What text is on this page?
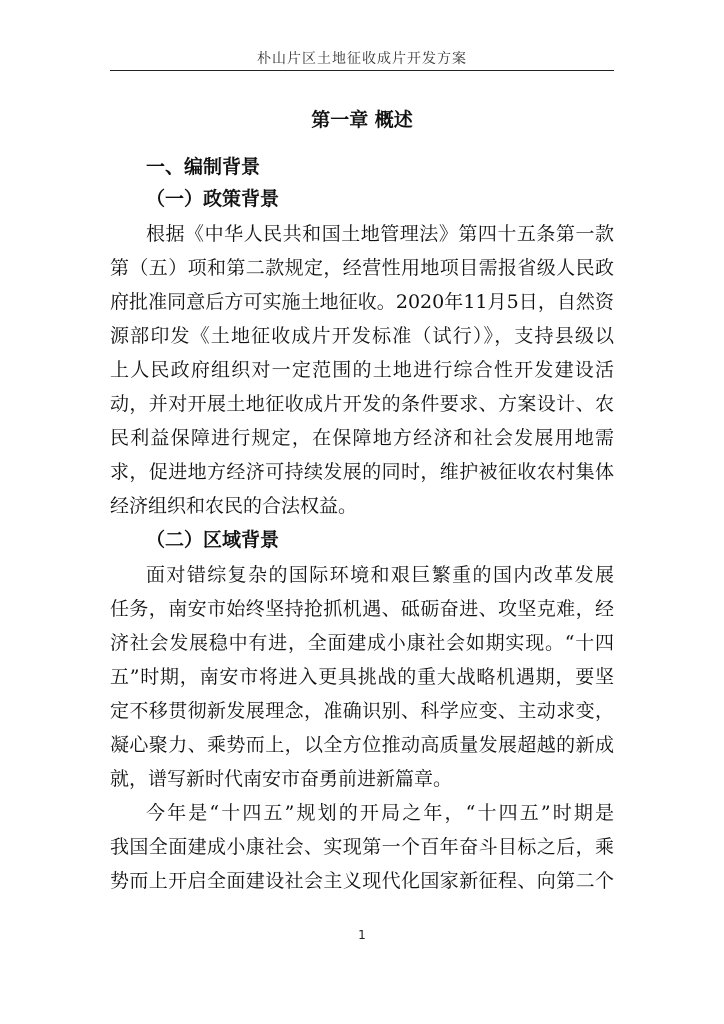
朴山片区土地征收成片开发方案
第一章 概述
一、编制背景
（一）政策背景
根据《中华人民共和国土地管理法》第四十五条第一款
第（五）项和第二款规定，经营性用地项目需报省级人民政
府批准同意后方可实施土地征收。2020年11月5日，自然资
源部印发《土地征收成片开发标准（试行）》，支持县级以
上人民政府组织对一定范围的土地进行综合性开发建设活
动，并对开展土地征收成片开发的条件要求、方案设计、农
民利益保障进行规定，在保障地方经济和社会发展用地需
求，促进地方经济可持续发展的同时，维护被征收农村集体
经济组织和农民的合法权益。
（二）区域背景
面对错综复杂的国际环境和艰巨繁重的国内改革发展
任务，南安市始终坚持抢抓机遇、砥砺奋进、攻坚克难，经
济社会发展稳中有进，全面建成小康社会如期实现。“十四
五”时期，南安市将进入更具挑战的重大战略机遇期，要坚
定不移贯彻新发展理念，准确识别、科学应变、主动求变，
凝心聚力、乘势而上，以全方位推动高质量发展超越的新成
就，谱写新时代南安市奋勇前进新篇章。
今年是“十四五”规划的开局之年，“十四五”时期是
我国全面建成小康社会、实现第一个百年奋斗目标之后，乘
势而上开启全面建设社会主义现代化国家新征程、向第二个
1
